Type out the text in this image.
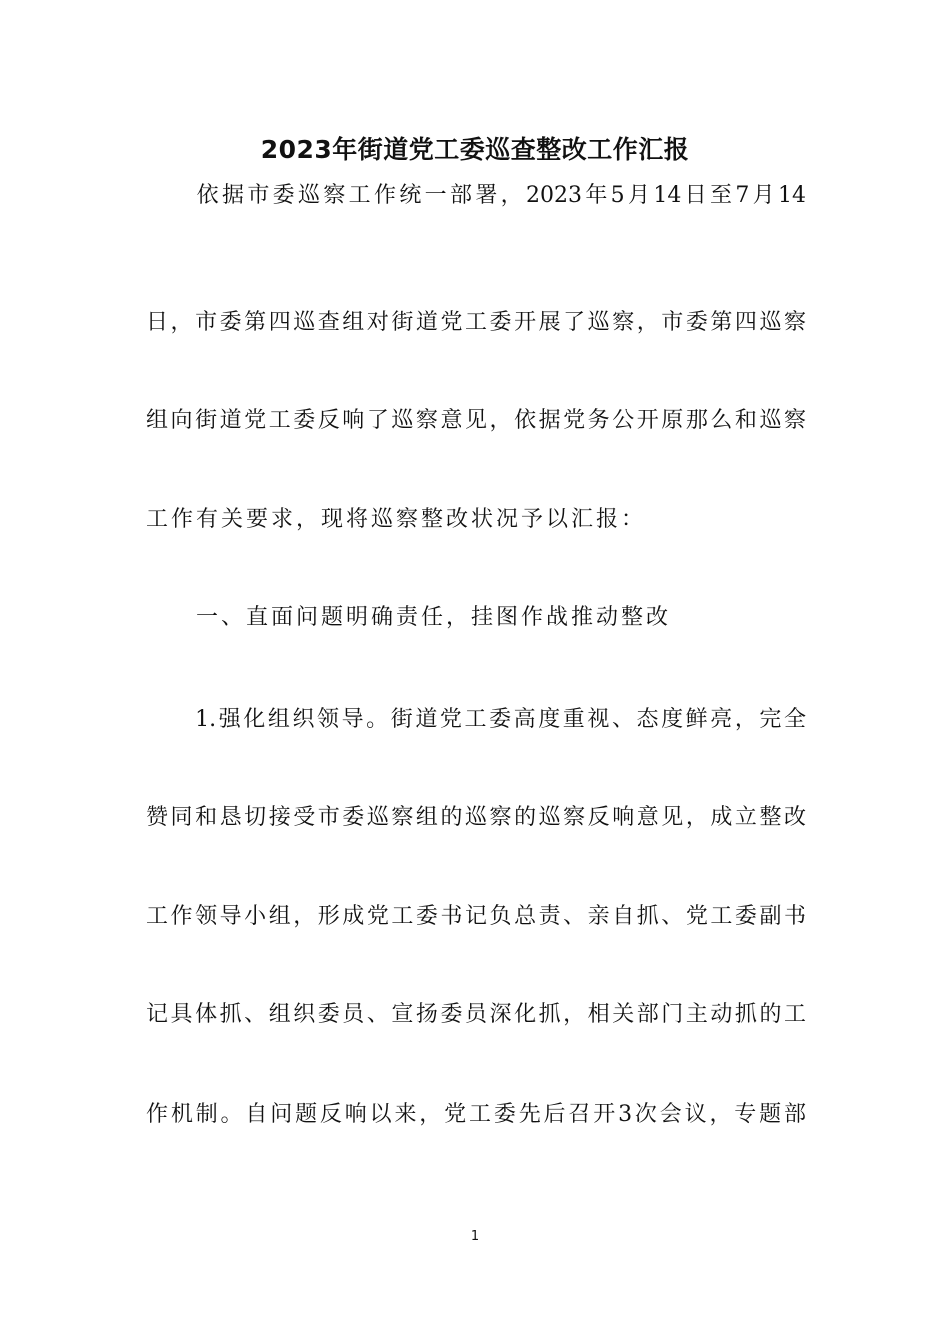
2023年街道党工委巡查整改工作汇报
　　依据市委巡察工作统一部署，2023年5月14日至7月14
日，市委第四巡查组对街道党工委开展了巡察，市委第四巡察
组向街道党工委反响了巡察意见，依据党务公开原那么和巡察
工作有关要求，现将巡察整改状况予以汇报：
　　一、直面问题明确责任，挂图作战推动整改
　　1.强化组织领导。街道党工委高度重视、态度鲜亮，完全
赞同和恳切接受市委巡察组的巡察的巡察反响意见，成立整改
工作领导小组，形成党工委书记负总责、亲自抓、党工委副书
记具体抓、组织委员、宣扬委员深化抓，相关部门主动抓的工
作机制。自问题反响以来，党工委先后召开3次会议，专题部
1
